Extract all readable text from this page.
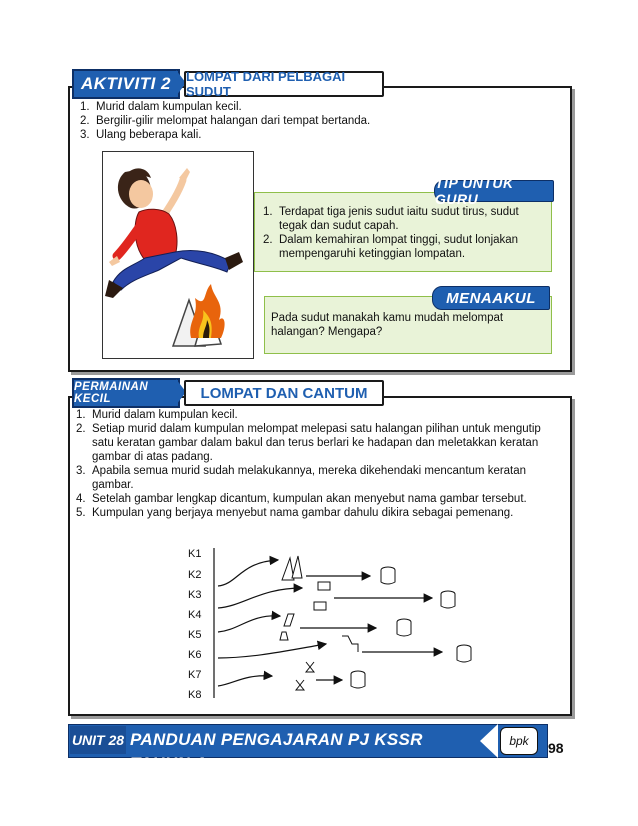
AKTIVITI 2 LOMPAT DARI PELBAGAI SUDUT
1. Murid dalam kumpulan kecil.
2. Bergilir-gilir melompat halangan dari tempat bertanda.
3. Ulang beberapa kali.
1. Terdapat tiga jenis sudut iaitu sudut tirus, sudut tegak dan sudut capah.
2. Dalam kemahiran lompat tinggi, sudut lonjakan mempengaruhi ketinggian lompatan.
TIP UNTUK GURU
Pada sudut manakah kamu mudah melompat halangan? Mengapa?
MENAAKUL
PERMAINAN KECIL	LOMPAT DAN CANTUM
1. Murid dalam kumpulan kecil.
2. Setiap murid dalam kumpulan melompat melepasi satu halangan pilihan untuk mengutip satu keratan gambar dalam bakul dan terus berlari ke hadapan dan meletakkan keratan gambar di atas padang.
3. Apabila semua murid sudah melakukannya, mereka dikehendaki mencantum keratan gambar.
4. Setelah gambar lengkap dicantum, kumpulan akan menyebut nama gambar tersebut.
5. Kumpulan yang berjaya menyebut nama gambar dahulu dikira sebagai pemenang.
K1
K2
K3
K4
K5
K6
K7
K8
UNIT 28 PANDUAN PENGAJARAN PJ KSSR TAHUN 4
bpk 98
